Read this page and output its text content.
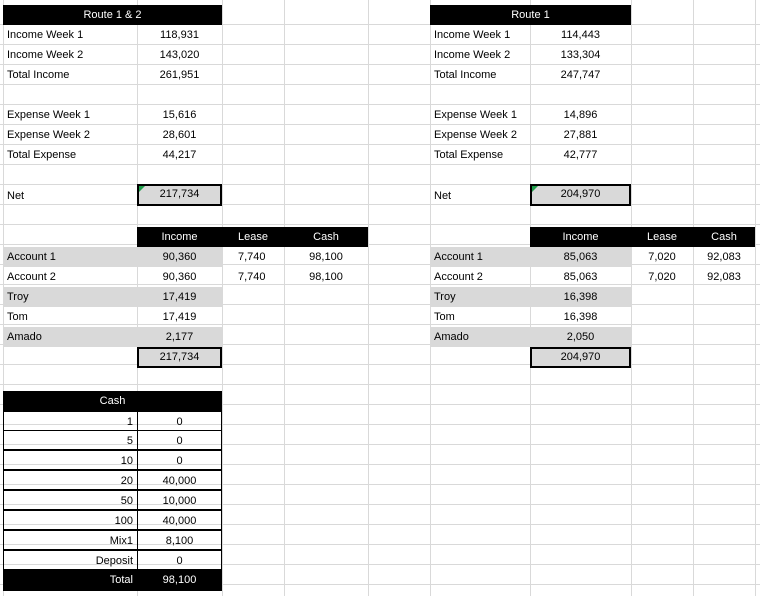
Route 1 & 2
Income Week 1	118,931
Income Week 2	143,020
Total Income	261,951
Expense Week 1	15,616
Expense Week 2	28,601
Total Expense	44,217
Net	217,734
Income	Lease	Cash
Account 1	90,360	7,740	98,100
Account 2	90,360	7,740	98,100
Troy	17,419
Tom	17,419
Amado	2,177
217,734
Cash
1	0
5	0
10	0
20	40,000
50	10,000
100	40,000
Mix1	8,100
Deposit	0
Total	98,100
Route 1
Income Week 1	114,443
Income Week 2	133,304
Total Income	247,747
Expense Week 1	14,896
Expense Week 2	27,881
Total Expense	42,777
Net	204,970
Income	Lease	Cash
Account 1	85,063	7,020	92,083
Account 2	85,063	7,020	92,083
Troy	16,398
Tom	16,398
Amado	2,050
204,970
